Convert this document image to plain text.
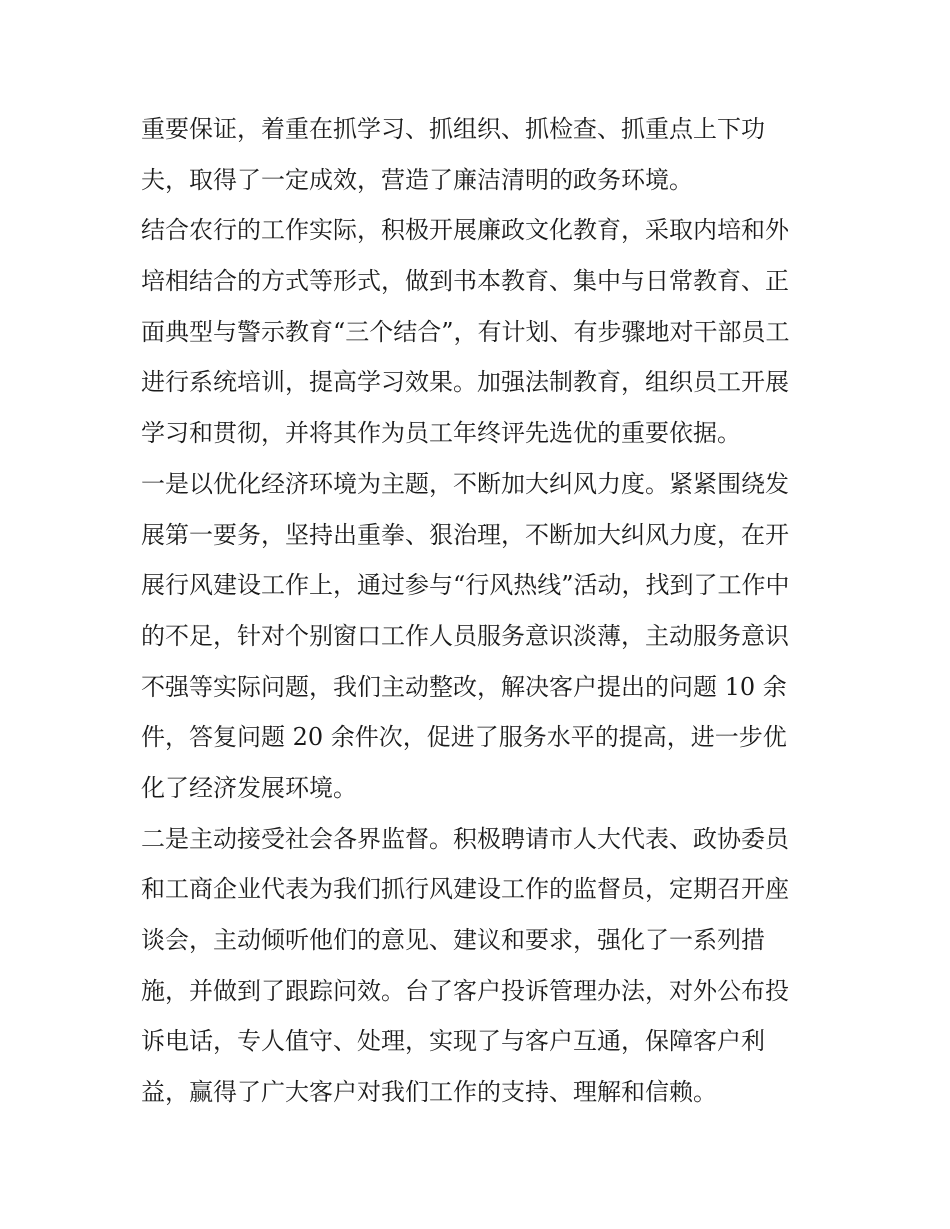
重要保证，着重在抓学习、抓组织、抓检查、抓重点上下功
夫，取得了一定成效，营造了廉洁清明的政务环境。
结合农行的工作实际，积极开展廉政文化教育，采取内培和外
培相结合的方式等形式，做到书本教育、集中与日常教育、正
面典型与警示教育“三个结合”，有计划、有步骤地对干部员工
进行系统培训，提高学习效果。加强法制教育，组织员工开展
学习和贯彻，并将其作为员工年终评先选优的重要依据。
一是以优化经济环境为主题，不断加大纠风力度。紧紧围绕发
展第一要务，坚持出重拳、狠治理，不断加大纠风力度，在开
展行风建设工作上，通过参与“行风热线”活动，找到了工作中
的不足，针对个别窗口工作人员服务意识淡薄，主动服务意识
不强等实际问题，我们主动整改，解决客户提出的问题 10 余
件，答复问题 20 余件次，促进了服务水平的提高，进一步优
化了经济发展环境。
二是主动接受社会各界监督。积极聘请市人大代表、政协委员
和工商企业代表为我们抓行风建设工作的监督员，定期召开座
谈会，主动倾听他们的意见、建议和要求，强化了一系列措
施，并做到了跟踪问效。台了客户投诉管理办法，对外公布投
诉电话，专人值守、处理，实现了与客户互通，保障客户利
益，赢得了广大客户对我们工作的支持、理解和信赖。
